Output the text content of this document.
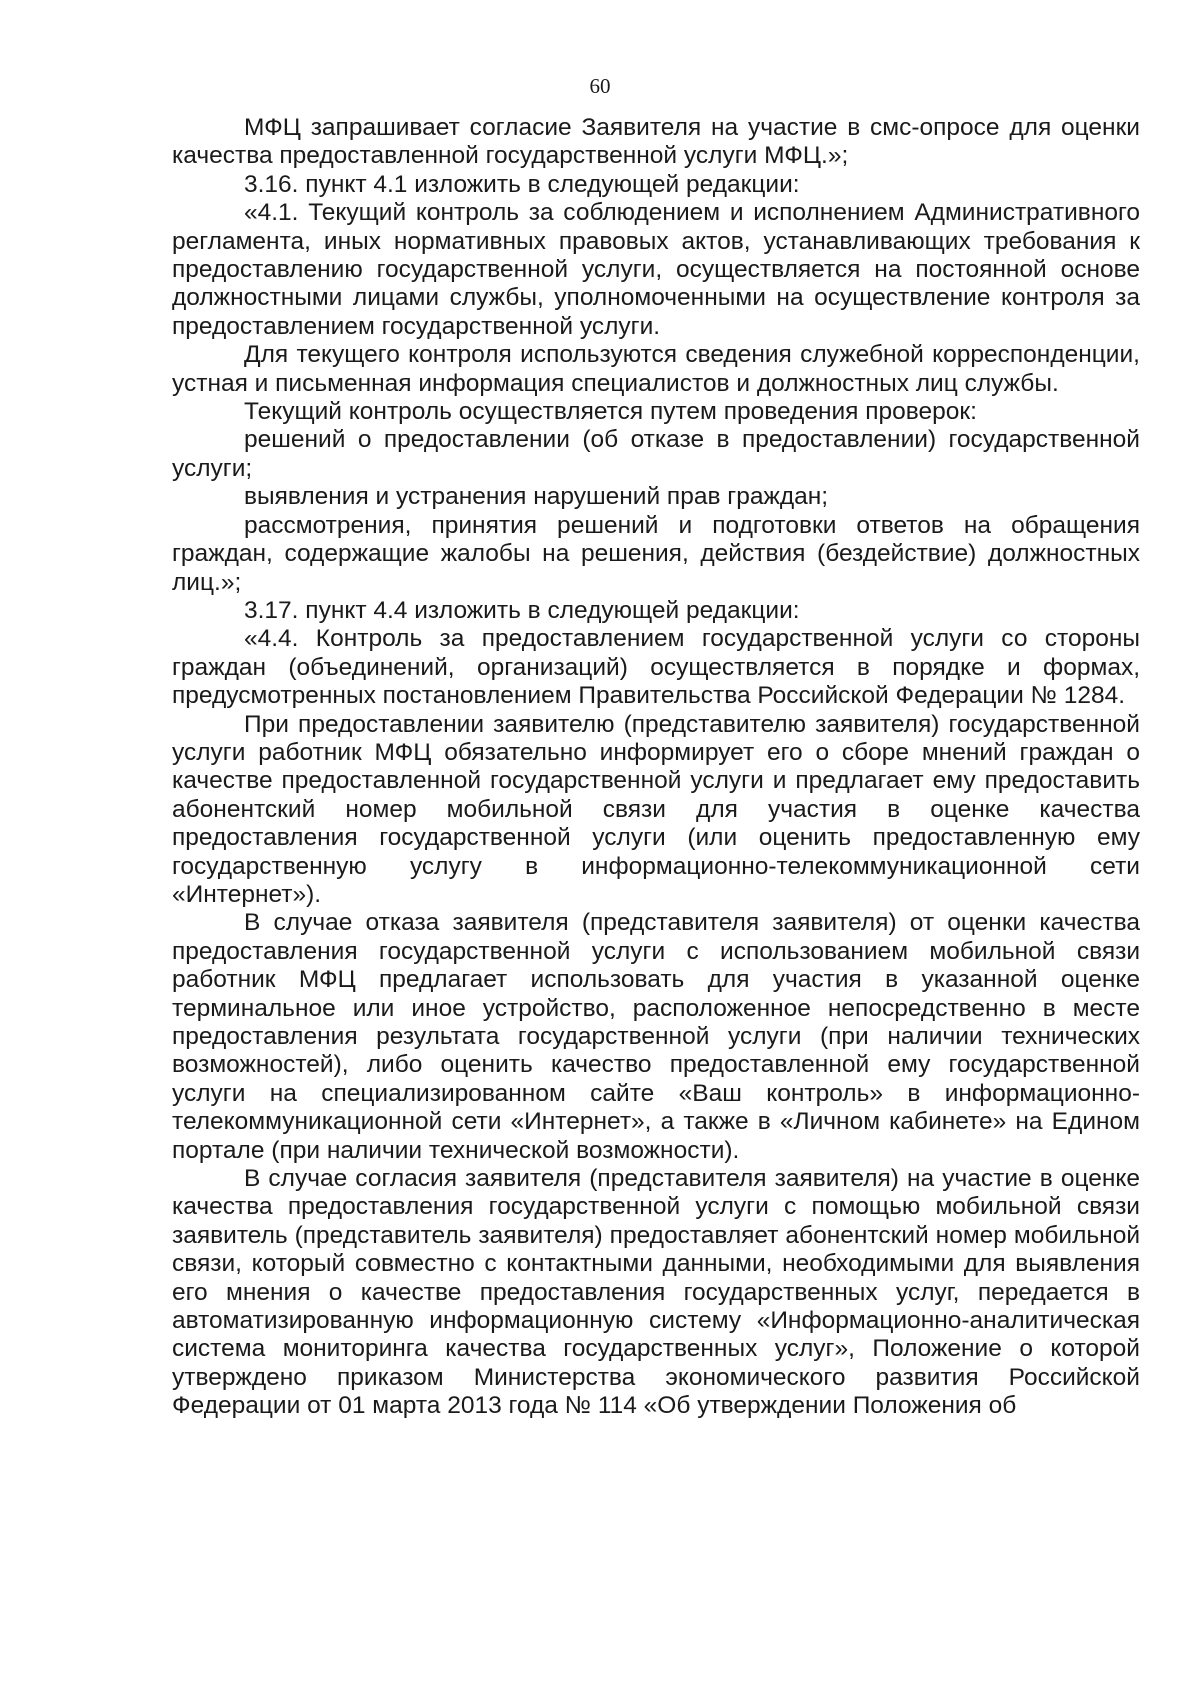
60

МФЦ запрашивает согласие Заявителя на участие в смс-опросе для оценки качества предоставленной государственной услуги МФЦ.»;

3.16. пункт 4.1 изложить в следующей редакции:

«4.1. Текущий контроль за соблюдением и исполнением Административного регламента, иных нормативных правовых актов, устанавливающих требования к предоставлению государственной услуги, осуществляется на постоянной основе должностными лицами службы, уполномоченными на осуществление контроля за предоставлением государственной услуги.

Для текущего контроля используются сведения служебной корреспонденции, устная и письменная информация специалистов и должностных лиц службы.

Текущий контроль осуществляется путем проведения проверок:

решений о предоставлении (об отказе в предоставлении) государственной услуги;

выявления и устранения нарушений прав граждан;

рассмотрения, принятия решений и подготовки ответов на обращения граждан, содержащие жалобы на решения, действия (бездействие) должностных лиц.»;

3.17. пункт 4.4 изложить в следующей редакции:

«4.4. Контроль за предоставлением государственной услуги со стороны граждан (объединений, организаций) осуществляется в порядке и формах, предусмотренных постановлением Правительства Российской Федерации № 1284.

При предоставлении заявителю (представителю заявителя) государственной услуги работник МФЦ обязательно информирует его о сборе мнений граждан о качестве предоставленной государственной услуги и предлагает ему предоставить абонентский номер мобильной связи для участия в оценке качества предоставления государственной услуги (или оценить предоставленную ему государственную услугу в информационно-телекоммуникационной сети «Интернет»).

В случае отказа заявителя (представителя заявителя) от оценки качества предоставления государственной услуги с использованием мобильной связи работник МФЦ предлагает использовать для участия в указанной оценке терминальное или иное устройство, расположенное непосредственно в месте предоставления результата государственной услуги (при наличии технических возможностей), либо оценить качество предоставленной ему государственной услуги на специализированном сайте «Ваш контроль» в информационно-телекоммуникационной сети «Интернет», а также в «Личном кабинете» на Едином портале (при наличии технической возможности).

В случае согласия заявителя (представителя заявителя) на участие в оценке качества предоставления государственной услуги с помощью мобильной связи заявитель (представитель заявителя) предоставляет абонентский номер мобильной связи, который совместно с контактными данными, необходимыми для выявления его мнения о качестве предоставления государственных услуг, передается в автоматизированную информационную систему «Информационно-аналитическая система мониторинга качества государственных услуг», Положение о которой утверждено приказом Министерства экономического развития Российской Федерации от 01 марта 2013 года № 114 «Об утверждении Положения об
